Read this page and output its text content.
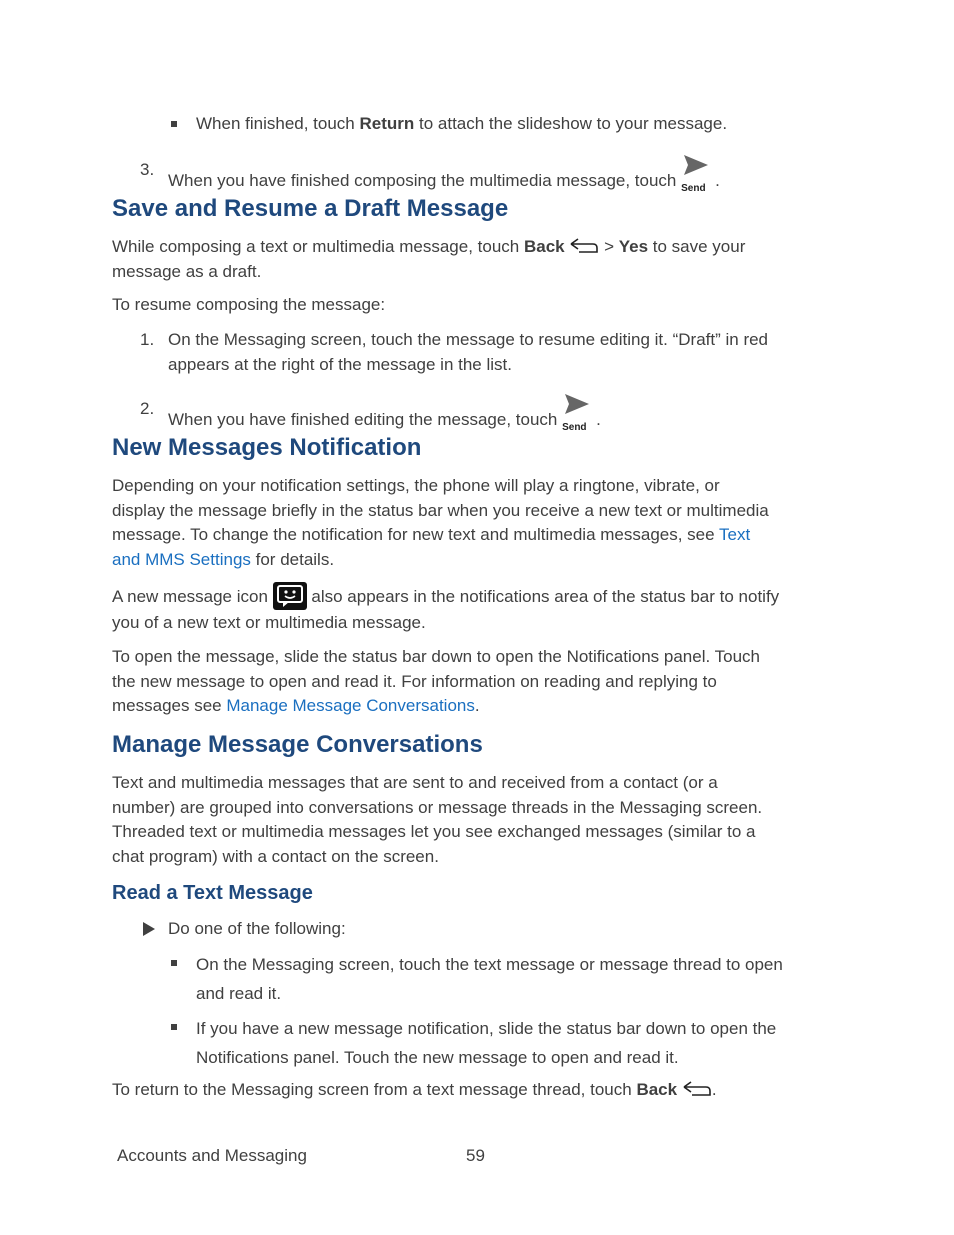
When finished, touch Return to attach the slideshow to your message.
3.
When you have finished composing the multimedia message, touch Send .
Save and Resume a Draft Message
While composing a text or multimedia message, touch Back  > Yes to save your
message as a draft.
To resume composing the message:
1. On the Messaging screen, touch the message to resume editing it. “Draft” in red
appears at the right of the message in the list.
2.
When you have finished editing the message, touch Send .
New Messages Notification
Depending on your notification settings, the phone will play a ringtone, vibrate, or
display the message briefly in the status bar when you receive a new text or multimedia
message. To change the notification for new text and multimedia messages, see Text
and MMS Settings for details.
A new message icon
also appears in the notifications area of the status bar to notify
you of a new text or multimedia message.
To open the message, slide the status bar down to open the Notifications panel. Touch
the new message to open and read it. For information on reading and replying to
messages see Manage Message Conversations.
Manage Message Conversations
Text and multimedia messages that are sent to and received from a contact (or a
number) are grouped into conversations or message threads in the Messaging screen.
Threaded text or multimedia messages let you see exchanged messages (similar to a
chat program) with a contact on the screen.
Read a Text Message
Do one of the following:
On the Messaging screen, touch the text message or message thread to open
and read it.
If you have a new message notification, slide the status bar down to open the
Notifications panel. Touch the new message to open and read it.
To return to the Messaging screen from a text message thread, touch Back .
Accounts and Messaging	59
